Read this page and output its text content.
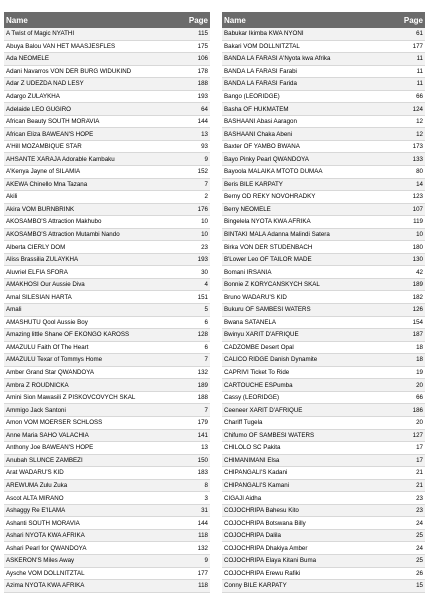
Name	Page
A Twist of Magic NYATHI	115
Abuya Balou VAN HET MAASJESFLES	175
Ada NEOMELE	106
Adani Navarros VON DER BURG WIDUKIND	178
Adar Z UDEZDA NAD LESY	188
Adargo ZULAYKHA	193
Adelaide LEO GUGIRO	64
African Beauty SOUTH MORAVIA	144
African Eliza BAWEAN'S HOPE	13
A'Hill MOZAMBIQUE STAR	93
AHSANTE XARAJA Adorable Kambaku	9
A'Kenya Jayne of SILAMIA	152
AKEWA Chinello Mna Tazana	7
Akili	2
Akira VOM BURNBRINK	176
AKOSAMBO'S Attraction Makhubo	10
AKOSAMBO'S Attraction Mutambi Nando	10
Alberta CIERLY DOM	23
Aliss Brassilia ZULAYKHA	193
Aluvriel ELFIA SFORA	30
AMAKHOSI Our Aussie Diva	4
Amal SILESIAN HARTA	151
Amali	5
AMASHUTU Qool Aussie Boy	6
Amazing little Shane OF EKONGO KAROSS	128
AMAZULU Faith Of The Heart	6
AMAZULU Texar of Tommys Home	7
Amber Grand Star QWANDOYA	132
Ambra Z ROUDNICKA	189
Amini Sion Mawasili Z PISKOVCOVYCH SKAL	188
Ammigo Jack Santoni	7
Amon VOM MOERSER SCHLOSS	179
Anne Maria SAHO VALACHIA	141
Anthony Joe BAWEAN'S HOPE	13
Anubah SLUNCE ZAMBEZI	150
Arat WADARU'S KID	183
AREWUMA Zulu Zuka	8
Ascot ALTA MIRANO	3
Ashaggy Re E'ILAMA	31
Ashanti SOUTH MORAVIA	144
Ashari NYOTA KWA AFRIKA	118
Ashari Pearl for QWANDOYA	132
ASKERON'S Miles Away	9
Aysche VOM DÖLLNITZTAL	177
Azima NYOTA KWA AFRIKA	118
Name	Page
Babukar Ikimba KWA NYONI	61
Bakari VOM DÖLLNITZTAL	177
BANDA LA FARASI A'Nyota kwa Afrika	11
BANDA LA FARASI Farabi	11
BANDA LA FARASI Farida	11
Bango (LEORIDGE)	66
Basha OF HUKMATEM	124
BASHAANI Abasi Aaragon	12
BASHAANI Chaka Abeni	12
Baxter OF YAMBO BWANA	173
Bayo Pinky Pearl QWANDOYA	133
Bayoola MALAIKA MTOTO DUMAA	80
Beris BILE KARPATY	14
Berny OD REKY NOVOHRADKY	123
Berry NEOMELE	107
Bingelela NYOTA KWA AFRIKA	119
BINTAKI MALA Adanna Malindi Satera	10
Birka VON DER STÜDENBACH	180
B'Lower Leo OF TAILOR MADE	130
Bomani IRSANIA	42
Bonnie Z KORYCANSKYCH SKAL	189
Bruno WADARU'S KID	182
Bukuru OF SAMBESI WATERS	126
Bwana SATANELA	154
Bwinyu XARIT D'AFRIQUE	187
CADZOMBE Desert Opal	18
CALICO RIDGE Danish Dynamite	18
CAPRIVI Ticket To Ride	19
CARTOUCHE ESPumba	20
Cassy (LEORIDGE)	66
Ceeneer XARIT D'AFRIQUE	186
Chariff Tugela	20
Chifumo OF SAMBESI WATERS	127
CHILOLO SC Pakita	17
CHIMANIMANI Elsa	17
CHIPANGALI'S Kadani	21
CHIPANGALI'S Kamani	21
CIGAJI Aidha	23
COJOCHRIPA Bahesu Kito	23
COJOCHRIPA Botswana Billy	24
COJOCHRIPA Dalila	25
COJOCHRIPA Dhakiya Amber	24
COJOCHRIPA Elaya Kitani Buma	25
COJOCHRIPA Erewu Rafiki	26
Conny BILE KARPATY	15
